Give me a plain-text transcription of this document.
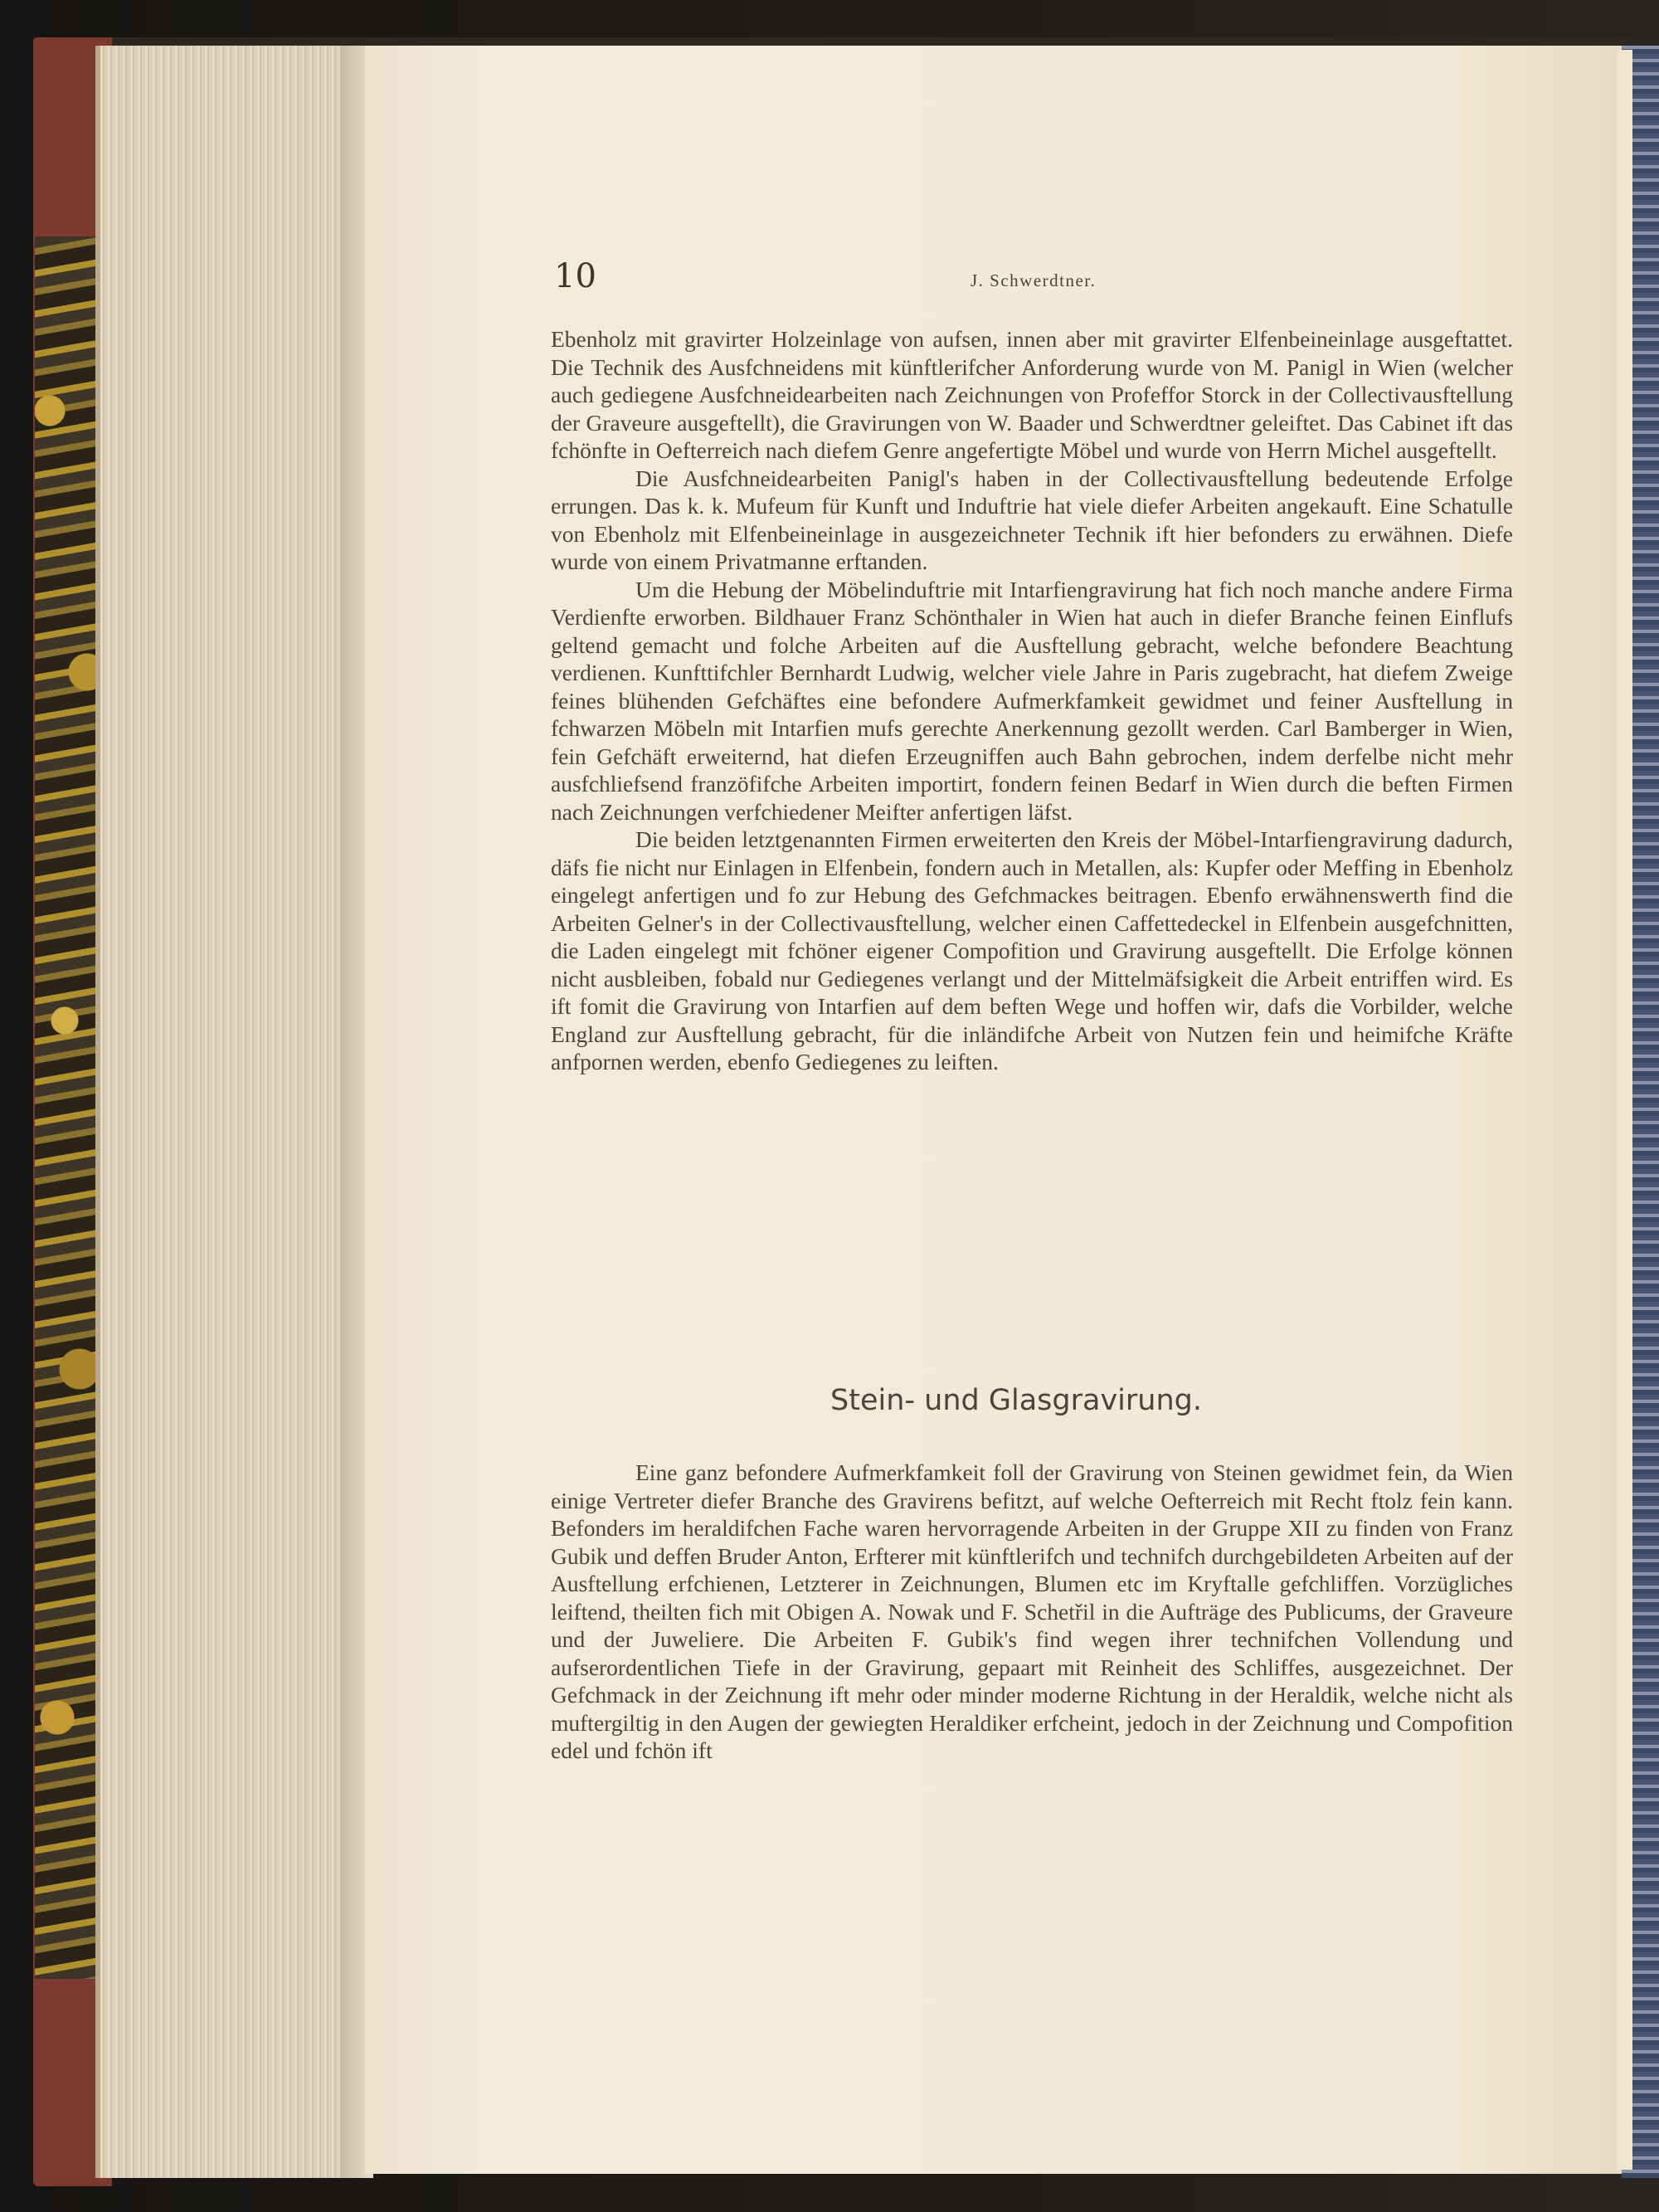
10	J. Schwerdtner.

Ebenholz mit gravirter Holzeinlage von aufsen, innen aber mit gravirter Elfenbeineinlage ausgeftattet. Die Technik des Ausfchneidens mit künftlerifcher Anforderung wurde von M. Panigl in Wien (welcher auch gediegene Ausfchneidearbeiten nach Zeichnungen von Profeffor Storck in der Collectivausftellung der Graveure ausgeftellt), die Gravirungen von W. Baader und Schwerdtner geleiftet. Das Cabinet ift das fchönfte in Oefterreich nach diefem Genre angefertigte Möbel und wurde von Herrn Michel ausgeftellt.

Die Ausfchneidearbeiten Panigl's haben in der Collectivausftellung bedeutende Erfolge errungen. Das k. k. Mufeum für Kunft und Induftrie hat viele diefer Arbeiten angekauft. Eine Schatulle von Ebenholz mit Elfenbeineinlage in ausgezeichneter Technik ift hier befonders zu erwähnen. Diefe wurde von einem Privatmanne erftanden.

Um die Hebung der Möbelinduftrie mit Intarfiengravirung hat fich noch manche andere Firma Verdienfte erworben. Bildhauer Franz Schönthaler in Wien hat auch in diefer Branche feinen Einflufs geltend gemacht und folche Arbeiten auf die Ausftellung gebracht, welche befondere Beachtung verdienen. Kunfttifchler Bernhardt Ludwig, welcher viele Jahre in Paris zugebracht, hat diefem Zweige feines blühenden Gefchäftes eine befondere Aufmerkfamkeit gewidmet und feiner Ausftellung in fchwarzen Möbeln mit Intarfien mufs gerechte Anerkennung gezollt werden. Carl Bamberger in Wien, fein Gefchäft erweiternd, hat diefen Erzeugniffen auch Bahn gebrochen, indem derfelbe nicht mehr ausfchliefsend franzöfifche Arbeiten importirt, fondern feinen Bedarf in Wien durch die beften Firmen nach Zeichnungen verfchiedener Meifter anfertigen läfst.

Die beiden letztgenannten Firmen erweiterten den Kreis der Möbel-Intarfiengravirung dadurch, däfs fie nicht nur Einlagen in Elfenbein, fondern auch in Metallen, als: Kupfer oder Meffing in Ebenholz eingelegt anfertigen und fo zur Hebung des Gefchmackes beitragen. Ebenfo erwähnenswerth find die Arbeiten Gelner's in der Collectivausftellung, welcher einen Caffettedeckel in Elfenbein ausgefchnitten, die Laden eingelegt mit fchöner eigener Compofition und Gravirung ausgeftellt. Die Erfolge können nicht ausbleiben, fobald nur Gediegenes verlangt und der Mittelmäfsigkeit die Arbeit entriffen wird. Es ift fomit die Gravirung von Intarfien auf dem beften Wege und hoffen wir, dafs die Vorbilder, welche England zur Ausftellung gebracht, für die inländifche Arbeit von Nutzen fein und heimifche Kräfte anfpornen werden, ebenfo Gediegenes zu leiften.

Stein- und Glasgravirung.

Eine ganz befondere Aufmerkfamkeit foll der Gravirung von Steinen gewidmet fein, da Wien einige Vertreter diefer Branche des Gravirens befitzt, auf welche Oefterreich mit Recht ftolz fein kann. Befonders im heraldifchen Fache waren hervorragende Arbeiten in der Gruppe XII zu finden von Franz Gubik und deffen Bruder Anton, Erfterer mit künftlerifch und technifch durchgebildeten Arbeiten auf der Ausftellung erfchienen, Letzterer in Zeichnungen, Blumen etc im Kryftalle gefchliffen. Vorzügliches leiftend, theilten fich mit Obigen A. Nowak und F. Schetřil in die Aufträge des Publicums, der Graveure und der Juweliere. Die Arbeiten F. Gubik's find wegen ihrer technifchen Vollendung und aufserordentlichen Tiefe in der Gravirung, gepaart mit Reinheit des Schliffes, ausgezeichnet. Der Gefchmack in der Zeichnung ift mehr oder minder moderne Richtung in der Heraldik, welche nicht als muftergiltig in den Augen der gewiegten Heraldiker erfcheint, jedoch in der Zeichnung und Compofition edel und fchön ift
